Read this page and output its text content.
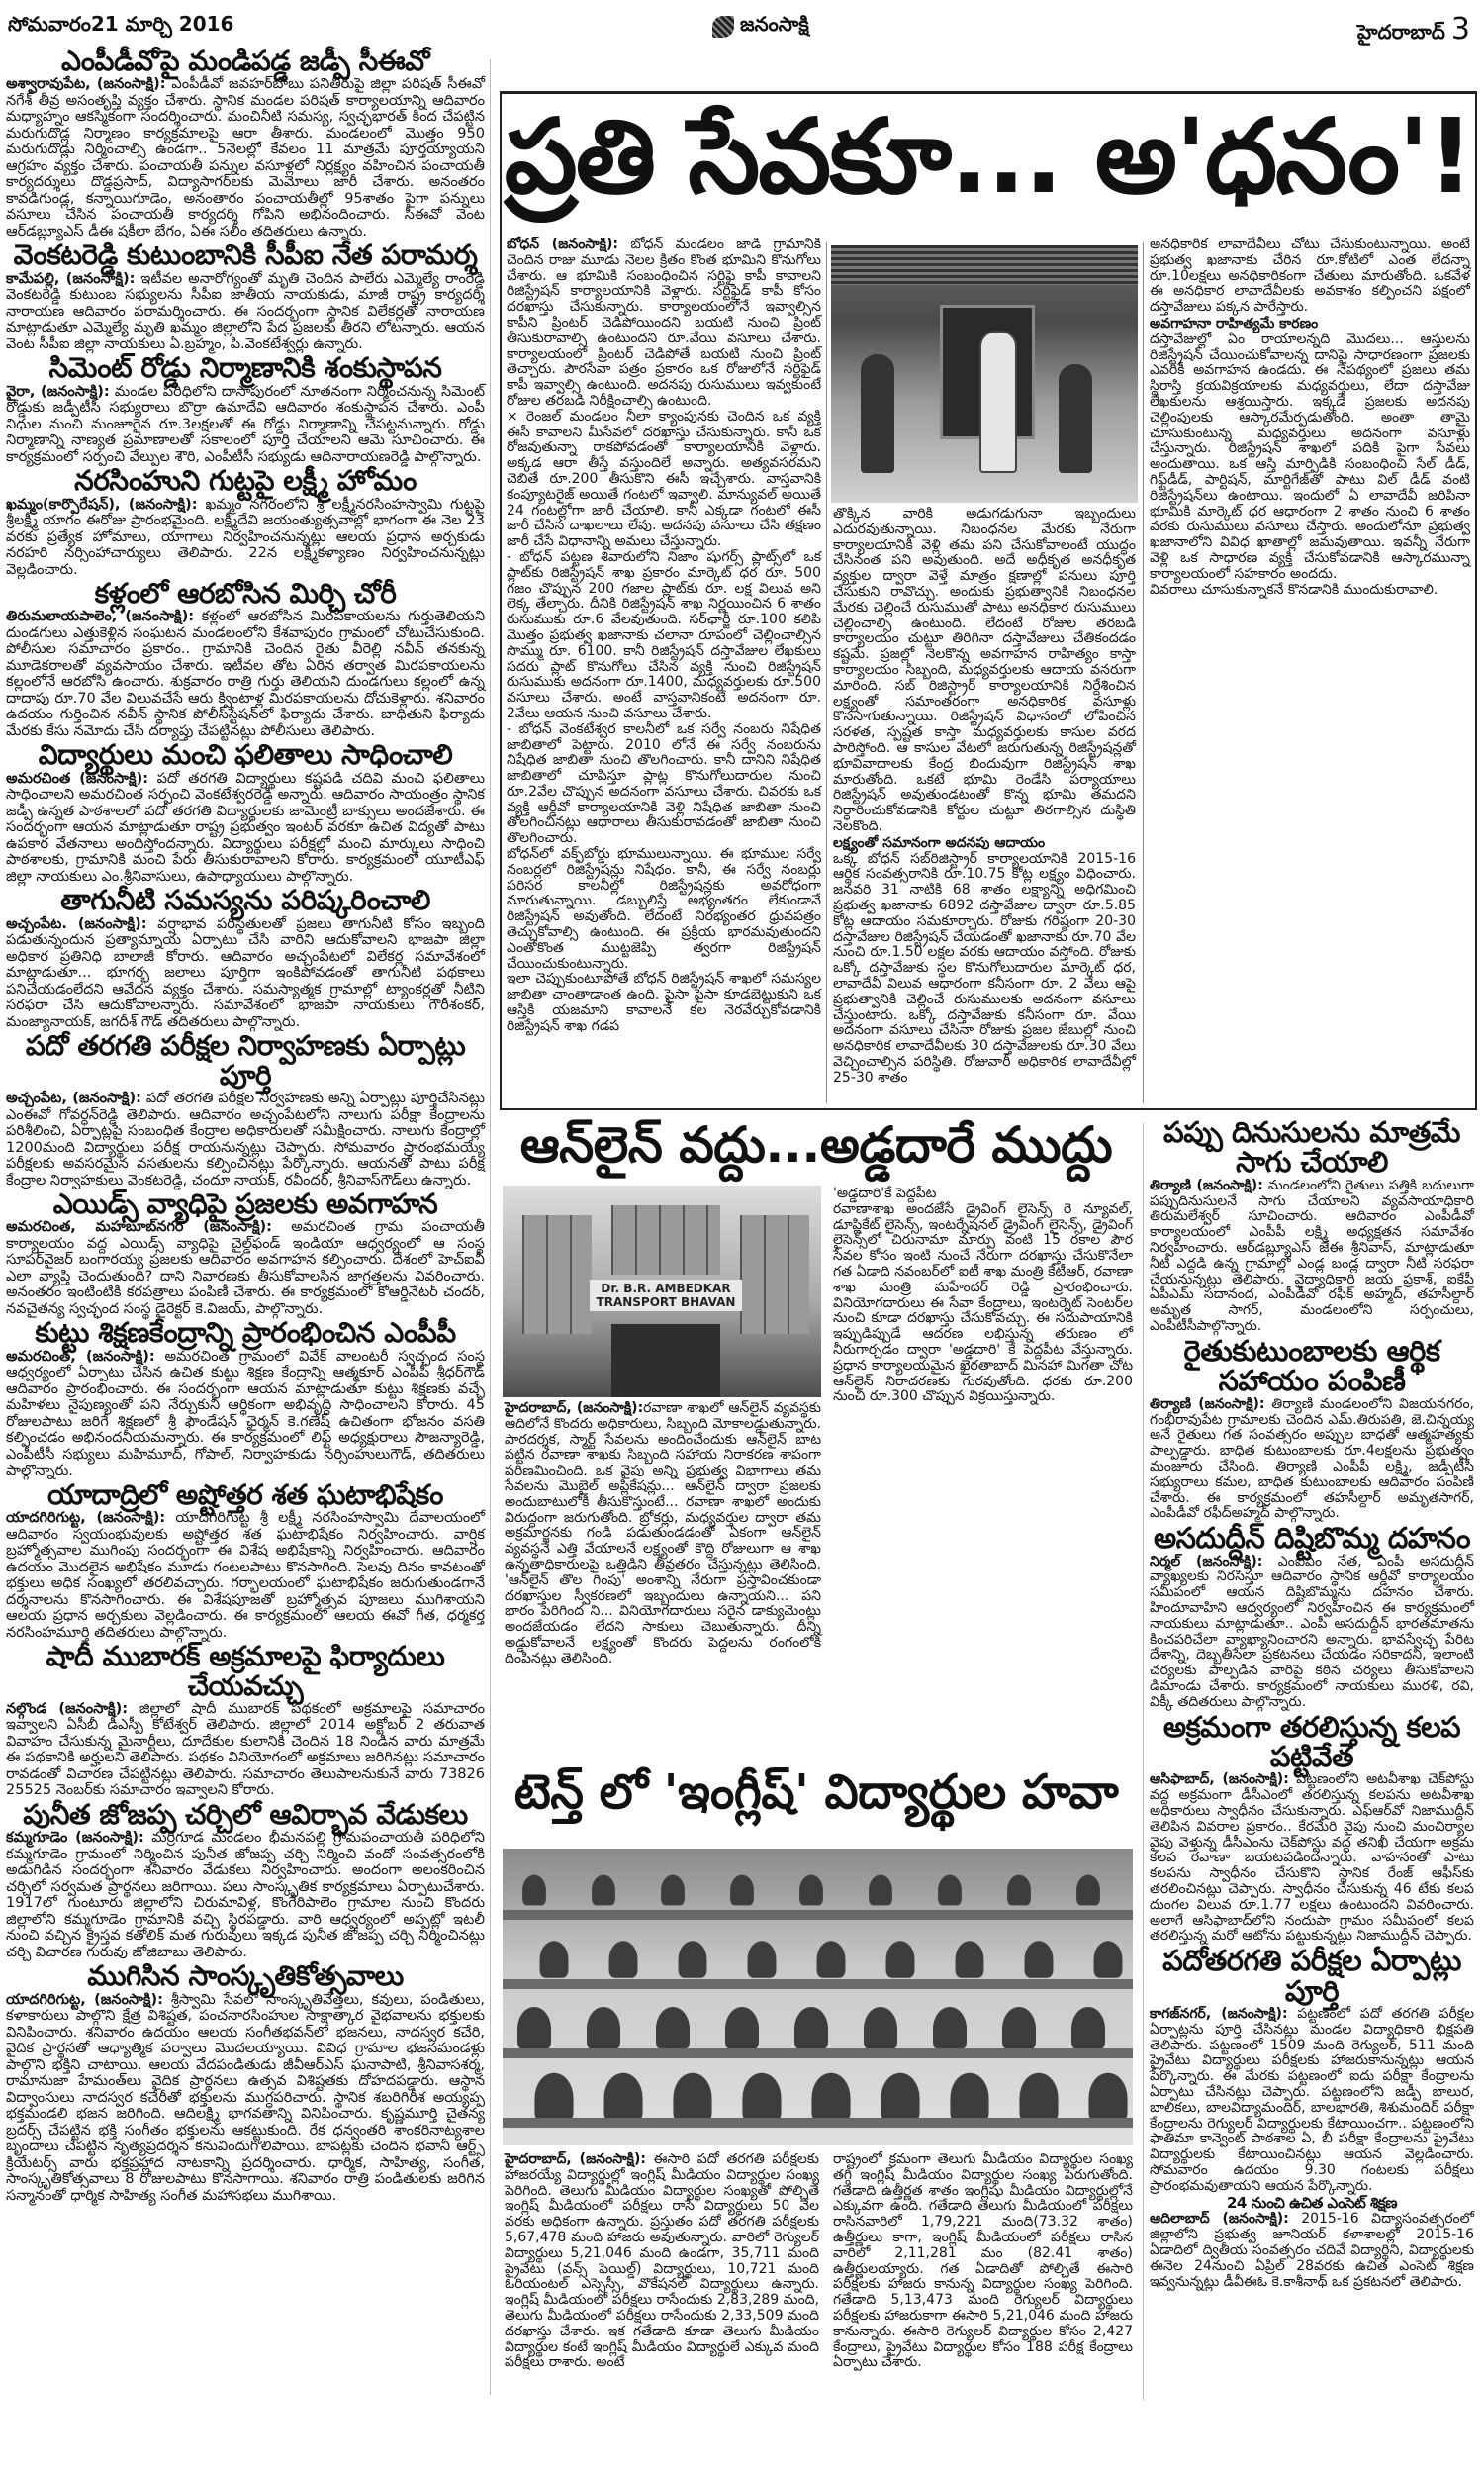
సోమవారం21 మార్చి 2016	జనంసాక్షి	హైదరాబాద్ 3
ఎంపీడీవోపై మండిపడ్డ జడ్పీ సీఈవో

అశ్వారావుపేట, (జనంసాక్షి): ఎంపీడీవో జవహర్‌బాబు పనితీరుపై జిల్లా పరిషత్ సీఈవో నగేశ్ తీవ్ర అసంతృప్తి వ్యక్తం చేశారు. స్థానిక మండల పరిషత్ కార్యాలయాన్ని ఆదివారం మధ్యాహ్నం ఆకస్మికంగా సందర్శించారు. మంచినీటి సమస్య, స్వచ్ఛభారత్ కింద చేపట్టిన మరుగుదొడ్ల నిర్మాణం కార్యక్రమాలపై ఆరా తీశారు. మండలంలో మొత్తం 950 మరుగుదొడ్లు నిర్మించాల్సి ఉండగా.. 5నెలల్లో కేవలం 11 మాత్రమే పూర్తయ్యాయని ఆగ్రహం వ్యక్తం చేశారు. పంచాయతీ పన్నుల వసూళ్లలో నిర్లక్ష్యం వహించిన పంచాయతీ కార్యదర్శులు దొడ్డప్రసాద్, విద్యాసాగర్‌లకు మెమోలు జారీ చేశారు. అనంతరం కావడిగుండ్ల, కన్నాయిగూడెం, అనంతారం పంచాయతీల్లో 95శాతం పైగా పన్నులు వసూలు చేసిన పంచాయతీ కార్యదర్శి గోపిని అభినందించారు. సీఈవో వెంట ఆర్‌డబ్ల్యూఎస్ డీఈ షకీలా బేగం, ఏఈ సలీం తదితరులు ఉన్నారు.

వెంకటరెడ్డి కుటుంబానికి సీపీఐ నేత పరామర్శ

కామేపల్లి, (జనంసాక్షి): ఇటీవల అనారోగ్యంతో మృతి చెందిన పాలేరు ఎమ్మెల్యే రాంరెడ్డి వెంకటరెడ్డి కుటుంబ సభ్యులను సీపీఐ జాతీయ నాయకుడు, మాజీ రాష్ట్ర కార్యదర్శి నారాయణ ఆదివారం పరామర్శించారు. ఈ సందర్భంగా స్థానిక విలేకర్లతో నారాయణ మాట్లాడుతూ ఎమ్మెల్యే మృతి ఖమ్మం జిల్లాలోని పేద ప్రజలకు తీరని లోటన్నారు. ఆయన వెంట సీపీఐ జిల్లా నాయకులు ఏ.బ్రహ్మం, పి.వెంకటేశ్వర్లు ఉన్నారు.

సిమెంట్ రోడ్డు నిర్మాణానికి శంకుస్థాపన

వైరా, (జనంసాక్షి): మండల పరిధిలోని దాసాపురంలో నూతనంగా నిర్మించనున్న సిమెంట్ రోడ్డుకు జడ్పీటీసీ సభ్యురాలు బొర్రా ఉమాదేవి ఆదివారం శంకుస్థాపన చేశారు. ఎంపీ నిధుల నుంచి మంజూరైన రూ.3లక్షలతో ఈ రోడ్డు నిర్మాణాన్ని చేపట్టనున్నారు. రోడ్డు నిర్మాణాన్ని నాణ్యత ప్రమాణాలతో సకాలంలో పూర్తి చేయాలని ఆమె సూచించారు. ఈ కార్యక్రమంలో సర్పంచి వేల్పుల శౌరి, ఎంపీటీసీ సభ్యుడు ఆదినారాయణరెడ్డి పాల్గొన్నారు.

నరసింహుని గుట్టపై లక్ష్మీ హోమం

ఖమ్మం(కార్పొరేషన్), (జనంసాక్షి): ఖమ్మం నగరంలోని శ్రీ లక్ష్మీనరసింహస్వామి గుట్టపై శ్రీలక్ష్మీ యాగం ఈరోజు ప్రారంభమైంది. లక్ష్మీదేవి జయంత్యుత్సవాల్లో భాగంగా ఈ నెల 23 వరకు ప్రత్యేక హోమాలు, యాగాలు నిర్వహించనున్నట్లు ఆలయ ప్రధాన అర్చకుడు నరహరి నర్సింహాచార్యులు తెలిపారు. 22న లక్ష్మీకళ్యాణం నిర్వహించనున్నట్లు వెల్లడించారు.

కళ్లంలో ఆరబోసిన మిర్చి చోరీ

తిరుమలాయపాలెం, (జనంసాక్షి): కళ్లంలో ఆరబోసిన మిరపకాయలను గుర్తుతెలియని దుండగులు ఎత్తుకెళ్లిన సంఘటన మండలంలోని కేశవాపురం గ్రామంలో చోటుచేసుకుంది. పోలీసుల సమాచారం ప్రకారం.. గ్రామానికి చెందిన రైతు వీరెల్లి నవీన్ తనకున్న మూడెకరాలతో వ్యవసాయం చేశారు. ఇటీవల తోట ఏరిన తర్వాత మిరపకాయలను కల్లంలోనే ఆరబోసి ఉంచారు. శుక్రవారం రాత్రి గుర్తు తెలియని దుండగులు కల్లంలో ఉన్న దాదాపు రూ.70 వేల విలువచేసే ఆరు క్వింటాళ్ల మిరపకాయలను దోచుకెళ్లారు. శనివారం ఉదయం గుర్తించిన నవీన్ స్థానిక పోలీస్‌స్టేషన్‌లో ఫిర్యాదు చేశారు. బాధితుని ఫిర్యాదు మేరకు కేసు నమోదు చేసి దర్యాప్తు చేపట్టినట్లు పోలీసులు తెలిపారు.

విద్యార్థులు మంచి ఫలితాలు సాధించాలి

అమరచింత (జనంసాక్షి): పదో తరగతి విద్యార్థులు కష్టపడి చదివి మంచి ఫలితాలు సాధించాలని అమరచింత సర్పంచి వెంకటేశ్వరరెడ్డి అన్నారు. ఆదివారం సాయంత్రం స్థానిక జడ్పీ ఉన్నత పాఠశాలలో పదో తరగతి విద్యార్థులకు జామెంట్రీ బాక్సులు అందజేశారు. ఈ సందర్భంగా ఆయన మాట్లాడుతూ రాష్ట్ర ప్రభుత్వం ఇంటర్ వరకూ ఉచిత విద్యతో పాటు ఉపకార వేతనాలు అందిస్తోందన్నారు. విద్యార్థులు పరీక్షల్లో మంచి మార్కులు సాధించి పాఠశాలకు, గ్రామానికి మంచి పేరు తీసుకురావాలని కోరారు. కార్యక్రమంలో యూటీఎఫ్ జిల్లా నాయకులు ఎం.శ్రీనివాసులు, ఉపాధ్యాయులు పాల్గొన్నారు.

తాగునీటి సమస్యను పరిష్కరించాలి

అచ్చంపేట. (జనంసాక్షి): వర్షాభావ పరిస్థితులతో ప్రజలు తాగునీటి కోసం ఇబ్బంది పడుతున్నందున ప్రత్యామ్నాయ ఏర్పాటు చేసి వారిని ఆదుకోవాలని భాజపా జిల్లా అధికార ప్రతినిధి బాలాజీ కోరారు. ఆదివారం అచ్చంపేటలో విలేకర్ల సమావేశంలో మాట్లాడుతూ... భూగర్భ జలాలు పూర్తిగా ఇంకిపోవడంతో తాగునీటి పథకాలు పనిచేయడంలేదని ఆవేదన వ్యక్తం చేశారు. సమస్యాత్మక గ్రామాల్లో ట్యాంకర్లతో నీటిని సరఫరా చేసి ఆదుకోవాలన్నారు. సమావేశంలో భాజపా నాయకులు గౌరీశంకర్, మంజ్యానాయక్, జగదీశ్ గౌడ్ తదితరులు పాల్గొన్నారు.

పదో తరగతి పరీక్షల నిర్వాహణకు ఏర్పాట్లు పూర్తి

అచ్చంపేట, (జనంసాక్షి): పదో తరగతి పరీక్షల నిర్వహణకు అన్ని ఏర్పాట్లు పూర్తిచేసినట్లు ఎంఈవో గోవర్ధన్‌రెడ్డి తెలిపారు. ఆదివారం అచ్చంపేటలోని నాలుగు పరీక్షా కేంద్రాలను పరిశీలించి, ఏర్పాట్లపై సంబంధిత కేంద్రాల అధికారులతో సమీక్షించారు. నాలుగు కేంద్రాల్లో 1200మంది విద్యార్థులు పరీక్ష రాయనున్నట్లు చెప్పారు. సోమవారం ప్రారంభమయ్యే పరీక్షలకు అవసరమైన వసతులను కల్పించినట్లు పేర్కొన్నారు. ఆయనతో పాటు పరీక్ష కేంద్రాల నిర్వాహకులు వెంకటరెడ్డి, చందూ నాయక్, రవీందర్, శ్రీనివాస్‌గౌడ్‌లు ఉన్నారు.

ఎయిడ్స్ వ్యాధిపై ప్రజలకు అవగాహన

అమరచింత, మహబూబ్‌నగర్ (జనంసాక్షి): అమరచింత గ్రామ పంచాయతీ కార్యాలయం వద్ద ఎయిడ్స్ వ్యాధిపై చైల్డ్‌ఫండ్ ఇండియా ఆధ్వర్యంలో ఆ సంస్థ సూపర్‌వైజర్ బంగారయ్య ప్రజలకు ఆదివారం అవగాహన కల్పించారు. దేశంలో హెచ్ఐవీ ఎలా వ్యాప్తి చెందుతుంది? దాని నివారణకు తీసుకోవాలసిన జాగ్రత్తలను వివరించారు. అనంతరం ఇంటింటికి కరపత్రాలు పంపిణీ చేశారు. ఈ కార్యక్రమంలో కోఆర్డినేటర్ చందర్, నవచైతన్య స్వచ్ఛంద సంస్థ డైరెక్టర్ కె.విజయ్, పాల్గొన్నారు.

కుట్టు శిక్షణకేంద్రాన్ని ప్రారంభించిన ఎంపీపీ

అమరచింత, (జనంసాక్షి): అమరచింత గ్రామంలో వివేక్ వాలంటరీ స్వచ్ఛంద సంస్థ ఆధ్వర్యంలో ఏర్పాటు చేసిన ఉచిత కుట్టు శిక్షణ కేంద్రాన్ని ఆత్మకూర్ ఎంపీపీ శ్రీధర్‌గౌడ్ ఆదివారం ప్రారంభించారు. ఈ సందర్భంగా ఆయన మాట్లాడుతూ కుట్టు శిక్షణకు వచ్చే మహిళలు నైపుణ్యంతో పని నేర్చుకుని ఆర్థికంగా అభివృద్ధి సాధించాలని కోరారు. 45 రోజులపాటు జరిగే శిక్షణలో శ్రీ ఫౌండేషన్ ఛైర్మన్ కె.గణేష్ ఉచితంగా భోజనం వసతి కల్పించడం అభినందనీయమన్నారు. ఈ కార్యక్రమంలో లిఫ్ట్ అధ్యక్షురాలు సౌజన్యారెడ్డి, ఎంపీటీసీ సభ్యులు మహిమూద్, గోపాల్, నిర్వాహకుడు నర్సింహులుగౌడ్, తదితరులు పాల్గొన్నారు.

యాదాద్రిలో అష్టోత్తర శత ఘటాభిషేకం

యాదగిరిగుట్ట, (జనంసాక్షి): యాదగిరిగుట్ట శ్రీ లక్ష్మీ నరసింహస్వామి దేవాలయంలో ఆదివారం స్వయంభువులకు అష్టోత్తర శత ఘటాభిషేకం నిర్వహించారు. వార్షిక బ్రహ్మోత్సవాల ముగింపు సందర్భంగా ఈ విశేష అభిషేకాన్ని నిర్వహించారు. ఆదివారం ఉదయం మొదలైన అభిషేకం మూడు గంటలపాటు కొనసాగింది. సెలవు దినం కావటంతో భక్తులు అధిక సంఖ్యలో తరలివచ్చారు. గర్భాలయంలో ఘటాభిషేకం జరుగుతుండగానే దర్శనాలను కొనసాగించారు. ఈ విశేషపూజతో బ్రహ్మోత్సవ పూజలు ముగిశాయని ఆలయ ప్రధాన అర్చకులు వెల్లడించారు. ఈ కార్యక్రమంలో ఆలయ ఈవో గీత, ధర్మకర్త నరసింహమూర్తి తదితరులు పాల్గొన్నారు.

షాదీ ముబారక్ అక్రమాలపై ఫిర్యాదులు చేయవచ్చు

నల్గొండ (జనంసాక్షి): జిల్లాలో షాదీ ముబారక్ పథకంలో అక్రమాలపై సమాచారం ఇవ్వాలని ఏసీబీ డీఎస్పీ కోటేశ్వర్ తెలిపారు. జిల్లాలో 2014 అక్టోబర్ 2 తరువాత వివాహం చేసుకున్న మైనార్టీలు, దూదేకుల కులానికి చెందిన 18 నిండిన వారు మాత్రమే ఈ పథకానికి అర్హులని తెలిపారు. పథకం వినియోగంలో అక్రమాలు జరిగినట్లు సమాచారం రావడంతో విచారణ చేపట్టినట్లు తెలిపారు. సమాచారం తెలుపాలనుకునే వారు 73826 25525 నెంబర్‌కు సమాచారం ఇవ్వాలని కోరారు.

పునీత జోజప్ప చర్చిలో ఆవిర్భావ వేడుకలు

కమ్మగూడెం (జనంసాక్షి): మర్రిగూడ మండలం భీమనపల్లి గ్రామపంచాయతీ పరిధిలోని కమ్మగూడెం గ్రామంలో నిర్మించిన పునీత జోజప్ప చర్చి నిర్మించి వందో సంవత్సరంలోకి అడుగిడిన సందర్భంగా శనివారం వేడుకలు నిర్వహించారు. అందంగా అలంకరించిన చర్చిలో సర్వమత ప్రార్థనలు జరిగాయి. పలు సాంస్కృతిక కార్యక్రమాలు ఏర్పాటుచేశారు. 1917లో గుంటూరు జిల్లాలోని చిరుమావిళ్ల, కొంగేరిపాలెం గ్రామాల నుంచి కొందరు జిల్లాలోని కమ్మగూడెం గ్రామానికి వచ్చి స్థిరపడ్డారు. వారి ఆధ్వర్యంలో అప్పట్లో ఇటలీ నుంచి వచ్చిన క్రైస్తవ కతోలిక్ మత గురువులు ఇక్కడ పునీత జోజప్ప చర్చి నిర్మించినట్లు చర్చి విచారణ గురువు జోజిబాబు తెలిపారు.

ముగిసిన సాంస్కృతికోత్సవాలు

యాదగిరిగుట్ట, (జనంసాక్షి): శ్రీస్వామి సేవలో సాంస్కృతివేత్తలు, కవులు, పండితులు, కళాకారులు పాల్గొని క్షేత్ర విశిష్టత, పంచనారసింహుల సాక్షాత్కార వైభవాలను భక్తులకు వినిపించారు. శనివారం ఉదయం ఆలయ సంగీతభవన్‌లో భజనలు, నాదస్వర కచేరి, వైదిక ప్రార్థనతో ఆధ్యాత్మిక పర్వాలు మొదలయ్యాయి. వివిధ గ్రామాల భజనమండళ్లు పాల్గొని భక్తిని చాటాయి. ఆలయ వేదపండితుడు జీవీఆర్ఎస్ ఘనాపాటి, శ్రీనివాసశర్మ, రామానుజా హేమంత్‌లు వైదిక ప్రార్థనలు ఉత్సవ విశిష్టతకు దోహదపడ్డారు. ఆస్థాన విద్వాంసులు నాదస్వర కచేరీతో భక్తులను ముగ్ధపరిచారు. స్థానిక శబరిగిరీశ అయ్యప్ప భక్తమండలి భజన జరిగింది. ఆదిలక్ష్మి భాగవతాన్ని వినిపించారు. కృష్ణమూర్తి చైతన్య బ్రదర్స్ చేపట్టిన భక్తి సంగీతం భక్తులను ఆకట్టుకుంది. రేక ధన్వంతరి శాంకరినాట్యశాల బృందాలు చేపట్టిన నృత్యప్రదర్శన కనువిందుగొలిపాయి. బాపట్లకు చెందిన భవానీ ఆర్ట్స్ క్రియేటర్స్ వారు భక్తప్రహ్లాద నాటకాన్ని ప్రదర్శించారు. ధార్మిక, సాహిత్య, సంగీత, సాంస్కృతికోత్సవాలు 8 రోజులపాటు కొనసాగాయి. శనివారం రాత్రి పండితులకు జరిగిన సన్మానంతో ధార్మిక సాహిత్య సంగీత మహాసభలు ముగిశాయి.

ప్రతి సేవకూ... అ'ధనం'!

బోధన్ (జనంసాక్షి): బోధన్ మండలం జాడి గ్రామానికి చెందిన రాజు మూడు నెలల క్రితం కొంత భూమిని కొనుగోలు చేశారు. ఆ భూమికి సంబంధించిన సర్టిఫై కాపీ కావాలని రిజిస్ట్రేషన్ కార్యాలయానికి వెళ్లారు. సర్టిఫైడ్ కాపీ కోసం దరఖాస్తు చేసుకున్నారు. కార్యాలయంలోనే ఇవ్వాల్సిన కాపీని ప్రింటర్ చెడిపోయిందని బయటి నుంచి ప్రింట్ తీసుకురావాల్సి ఉంటుందని రూ.వేయి వసూలు చేశారు. కార్యాలయంలో ప్రింటర్ చెడిపోతే బయటి నుంచి ప్రింట్ తెచ్చారు. పౌరసేవా పత్రం ప్రకారం ఒక రోజులోనే సర్టిఫైడ్ కాపీ ఇవ్వాల్సి ఉంటుంది. అదనపు రుసుములు ఇవ్వకుంటే రోజుల తరబడి నిరీక్షించాల్సి ఉంటుంది.

× రెంజల్ మండలం నీలా క్యాంపునకు చెందిన ఒక వ్యక్తి ఈసీ కావాలని మీసేవలో దరఖాస్తు చేసుకున్నారు. కానీ ఒక రోజవుతున్నా రాకపోవడంతో కార్యాలయానికి వెళ్లారు. అక్కడ ఆరా తీస్తే వస్తుందిలే అన్నారు. అత్యవసరమని చెబితే రూ.200 తీసుకొని ఈసీ ఇచ్చేశారు. వాస్తవానికి కంప్యూటరైజ్ అయితే గంటలో ఇవ్వాలి. మాన్యువల్ అయితే 24 గంటల్లోగా జారీ చేయాలి. కానీ ఎక్కడా గంటలో ఈసీ జారీ చేసిన దాఖలాలు లేవు. అదనపు వసూలు చేసి తక్షణం జారీ చేసే విధానాన్ని అమలు చేస్తున్నారు.

- బోధన్ పట్టణ శివారులోని నిజాం షుగర్స్ ప్లాట్స్‌లో ఒక ప్లాట్‌కు రిజిస్ట్రేషన్ శాఖ ప్రకారం మార్కెట్ ధర రూ. 500 గజం చొప్పున 200 గజాల ప్లాట్‌కు రూ. లక్ష విలువ అని లెక్క తేల్చారు. దీనికి రిజిస్ట్రేషన్ శాఖ నిర్ణయించిన 6 శాతం రుసుముకు రూ.6 వేలవుతుంది. సర్‌ఛార్జీ రూ.100 కలిపి మొత్తం ప్రభుత్వ ఖజానాకు చలానా రూపంలో చెల్లించాల్సిన సొమ్ము రూ. 6100. కానీ రిజిస్ట్రేషన్ దస్తావేజుల లేఖకులు సదరు ప్లాట్ కొనుగోలు చేసిన వ్యక్తి నుంచి రిజిస్ట్రేషన్ రుసుముకు అదనంగా రూ.1400, మధ్యవర్తులకు రూ.500 వసూలు చేశారు. అంటే వాస్తవానికంటే అదనంగా రూ. 2వేలు ఆయన నుంచి వసూలు చేశారు.

- బోధన్ వెంకటేశ్వర కాలనీలో ఒక సర్వే నంబరు నిషేధిత జాబితాలో పెట్టారు. 2010 లోనే ఈ సర్వే నంబరును నిషేధిత జాబితా నుంచి తొలగించారు. కానీ దానిని నిషేధిత జాబితాలో చూపిస్తూ ప్లాట్ల కొనుగోలుదారుల నుంచి రూ.2వేల చొప్పున అదనంగా వసూలు చేశారు. చివరకు ఒక వ్యక్తి ఆర్డీవో కార్యాలయానికి వెళ్లి నిషేధిత జాబితా నుంచి తొలగించినట్లు ఆధారాలు తీసుకురావడంతో జాబితా నుంచి తొలగించారు.

బోధన్‌లో వక్ఫ్‌బోర్డు భూములున్నాయి. ఈ భూముల సర్వే నంబర్లలో రిజిస్ట్రేషన్లు నిషేధం. కానీ, ఈ సర్వే నంబర్లు పరిసర కాలనీల్లో రిజిస్ట్రేషన్లకు అవరోధంగా మారుతున్నాయి. డబ్బులిస్తే అభ్యంతరం లేకుండానే రిజిస్ట్రేషన్ అవుతోంది. లేదంటే నిరభ్యంతర ధ్రువపత్రం తెచ్చుకోవాల్సి ఉంటుంది. ఈ ప్రక్రియ భారమవుతుందని ఎంతోకొంత ముట్టజెప్పి త్వరగా రిజిస్ట్రేషన్ చేయించుకుంటున్నారు.

ఇలా చెప్పుకుంటూపోతే బోధన్ రిజిస్ట్రేషన్ శాఖలో సమస్యల జాబితా చాంతాడాంత ఉంది. పైసా పైసా కూడబెట్టుకుని ఒక ఆస్తికి యజమాని కావాలనే కల నెరవేర్చుకోవడానికి రిజిస్ట్రేషన్ శాఖ గడప

తొక్కిన వారికి అడుగడుగునా ఇబ్బందులు ఎదురవుతున్నాయి. నిబంధనల మేరకు నేరుగా కార్యాలయానికి వెళ్లి తమ పని చేసుకోవాలంటే యుద్ధం చేసినంత పని అవుతుంది. అదే అధీకృత అనధీకృత వ్యక్తుల ద్వారా వెళ్తే మాత్రం క్షణాల్లో పనులు పూర్తి చేసుకుని రావొచ్చు. అందుకు ప్రభుత్వానికి నిబంధనల మేరకు చెల్లించే రుసుముతో పాటు అనధికార రుసుములు చెల్లించాల్సి ఉంటుంది. లేదంటే రోజుల తరబడి కార్యాలయం చుట్టూ తిరిగినా దస్తావేజులు చేతికందడం కష్టమే. ప్రజల్లో నెలకొన్న అవగాహన రాహిత్యం కాస్తా కార్యాలయం సిబ్బంది, మధ్యవర్తులకు ఆదాయ వనరుగా మారింది. సబ్ రిజిస్ట్రార్ కార్యాలయానికి నిర్దేశించిన లక్ష్యంతో సమాంతరంగా అనధికారిక వసూళ్లు కొనసాగుతున్నాయి. రిజిస్ట్రేషన్ విధానంలో లోపించిన సరళత, స్పష్టత కాస్తా మధ్యవర్తులకు కాసుల వరద పారిస్తోంది. ఆ కాసుల వేటలో జరుగుతున్న రిజిస్ట్రేషన్లతో భూవివాదాలకు కేంద్ర బిందువుగా రిజిస్ట్రేషన్ శాఖ మారుతోంది. ఒకటే భూమి రెండేసి పర్యాయాలు రిజిస్ట్రేషన్ అవుతుండటంతో కొన్న భూమి తమదని నిర్ధారించుకోవడానికి కోర్టుల చుట్టూ తిరగాల్సిన దుస్థితి నెలకొంది.

లక్ష్యంతో సమానంగా అదనపు ఆదాయం
ఒక్క బోధన్ సబ్‌రిజిస్ట్రార్ కార్యాలయానికి 2015-16 ఆర్థిక సంవత్సరానికి రూ.10.75 కోట్ల లక్ష్యం విధించారు. జనవరి 31 నాటికి 68 శాతం లక్ష్యాన్ని అధిగమించి ప్రభుత్వ ఖజానాకు 6892 దస్తావేజుల ద్వారా రూ.5.85 కోట్ల ఆదాయం సమకూర్చారు. రోజుకు గరిష్ఠంగా 20-30 దస్తావేజుల రిజిస్ట్రేషన్ చేయడంతో ఖజానాకు రూ.70 వేల నుంచి రూ.1.50 లక్షల వరకు ఆదాయం వస్తోంది. రోజుకు ఒక్కో దస్తావేజుకు స్థల కొనుగోలుదారుల మార్కెట్ ధర, లావాదేవీ విలువ ఆధారంగా కనీసంగా రూ. 2 వేలు ఆపై ప్రభుత్వానికి చెల్లించే రుసుములకు అదనంగా వసూలు చేస్తుంటారు. ఒక్కో దస్తావేజుకు కనీసంగా రూ. వేయి అదనంగా వసూలు చేసినా రోజుకు ప్రజల జేబుల్లో నుంచి అనధికారిక లావాదేవీలకు 30 దస్తావేజులకు రూ.30 వేలు వెచ్చించాల్సిన పరిస్థితి. రోజువారీ అధికారిక లావాదేవీల్లో 25-30 శాతం

అనధికారిక లావాదేవీలు చోటు చేసుకుంటున్నాయి. అంటే ప్రభుత్వ ఖజానాకు చేరిన రూ.కోటిలో ఎంత లేదన్నా రూ.10లక్షలు అనధికారికంగా చేతులు మారుతోంది. ఒకవేళ ఈ అనధికార లావాదేవీలకు అవకాశం కల్పించని పక్షంలో దస్తావేజులు పక్కన పారేస్తారు.

అవగాహనా రాహిత్యమే కారణం
దస్తావేజుల్లో ఏం రాయాలన్నది మొదలు... ఆస్తులను రిజిస్ట్రేషన్ చేయించుకోవాలన్న దానిపై సాధారణంగా ప్రజలకు ఎవరికీ అవగాహన ఉండదు. ఈ నేపథ్యంలో ప్రజలు తమ స్థిరాస్తి క్రయవిక్రయాలకు మధ్యవర్తులు, లేదా దస్తావేజు లేఖకులను ఆశ్రయిస్తారు. ఇక్కడే ప్రజలకు అదనపు చెల్లింపులకు ఆస్కారమేర్పడుతోంది. అంతా తామై చూసుకుంటున్న మధ్యవర్తులు అదనంగా వసూళ్లు చేస్తున్నారు. రిజిస్ట్రేషన్ శాఖలో పదికి పైగా సేవలు అందుతాయి. ఒక ఆస్తి మార్పిడికి సంబంధించి సేల్ డీడ్, గిఫ్ట్‌డీడ్, పార్టిషన్, మార్టిగేజ్‌తో పాటు విల్ డీడ్ వంటి రిజిస్ట్రేషన్‌లు ఉంటాయి. ఇందులో ఏ లావాదేవీ జరిపినా భూమికి మార్కెట్ ధర ఆధారంగా 2 శాతం నుంచి 6 శాతం వరకు రుసుములు వసూలు చేస్తారు. అందులోనూ ప్రభుత్వ ఖజానాలోని వివిధ ఖాతాల్లో జమవుతాయి. ఇవన్నీ నేరుగా వెళ్లి ఒక సాధారణ వ్యక్తి చేసుకోవడానికి ఆస్కారమున్నా కార్యాలయంలో సహకారం అందదు.

వివరాలు చూసుకున్నాకనే కొనడానికి ముందుకురావాలి.

ఆన్‌లైన్ వద్దు...అడ్డదారే ముద్దు
Dr. B.R. AMBEDKAR TRANSPORT BHAVAN

హైదరాబాద్, (జనంసాక్షి):రవాణా శాఖలో ఆన్‌లైన్ వ్యవస్థకు ఆదిలోనే కొందరు అధికారులు, సిబ్బంది మోకాలడ్డుతున్నారు. పారదర్శక, స్మార్ట్ సేవలను అందించేందుకు ఆన్‌లైన్ బాట పట్టిన రవాణా శాఖకు సిబ్బంది సహాయ నిరాకరణ శాపంగా పరిణమించింది. ఒక వైపు అన్ని ప్రభుత్వ విభాగాలు తమ సేవలను మొబైల్ అప్లికేషన్లు... ఆన్‌లైన్ ద్వారా ప్రజలకు అందుబాటులోకి తీసుకొస్తుంటే... రవాణా శాఖలో అందుకు విరుద్ధంగా జరుగుతోంది. బ్రోకర్లు, మధ్యవర్తుల ద్వారా తమ అక్రమార్జనకు గండి పడుతుండడంతో ఏకంగా ఆన్‌లైన్ వ్యవస్థనే ఎత్తి వేయాలనే లక్ష్యంతో కొద్ది రోజులుగా ఆ శాఖ ఉన్నతాధికారులపై ఒత్తిడిని తీవ్రతరం చేస్తున్నట్లు తెలిసింది. 'ఆన్‌లైన్ తొల గింపు' అంశాన్ని నేరుగా ప్రస్తావించకుండా దరఖాస్తుల స్వీకరణలో ఇబ్బందులు ఉన్నాయని... పని భారం పెరిగింద ని... వినియోగదారులు సరైన డాక్యుమెంట్లు అందజేయడం లేదని సాకులు చెబుతున్నారు. దీన్ని అడ్డుకోవాలనే లక్ష్యంతో కొందరు పెద్దలను రంగంలోకి దింపినట్లు తెలిసింది.

'అడ్డదారి'కే పెద్దపీట
రవాణాశాఖ అందజేసే డ్రైవింగ్ లైసెన్స్ రె న్యూవల్, డూప్లికేట్ లైసెన్స్, ఇంటర్నేషనల్ డ్రైవింగ్ లైసెన్స్, డ్రైవింగ్ లైసెన్స్‌లో చిరునామా మార్పు వంటి 15 రకాల పౌర సేవల కోసం ఇంటి నుంచే నేరుగా దరఖాస్తు చేసుకొనేలా గత ఏడాది నవంబర్‌లో ఐటీ శాఖ మంత్రి కేటీఆర్, రవాణా శాఖ మంత్రి మహేందర్ రెడ్డి ప్రారంభించారు. వినియోగదారులు ఈ సేవా కేంద్రాలు, ఇంటర్నెట్ సెంటర్‌ల నుంచి కూడా దరఖాస్తు చేసుకోవచ్చు. ఈ సదుపాయానికి ఇప్పుడిప్పుడే ఆదరణ లభిస్తున్న తరుణం లో నీరుగార్చడం ద్వారా 'అడ్డదారి' కే పెద్దపీట వేస్తున్నారు. ప్రధాన కార్యాలయమైన ఖైరతాబాద్ మినహా మిగతా చోట ఆన్‌లైన్ నిరాదరణకు గురవుతోంది. ధరకు రూ.200 నుంచి రూ.300 చొప్పున విక్రయిస్తున్నారు.

టెన్త్ లో 'ఇంగ్లీష్' విద్యార్థుల హవా

హైదరాబాద్, (జనంసాక్షి): ఈసారి పదో తరగతి పరీక్షలకు హాజరయ్యే విద్యార్థుల్లో ఇంగ్లిష్ మీడియం విద్యార్థుల సంఖ్య పెరిగింది. తెలుగు మీడియం విద్యార్థుల సంఖ్యతో పోల్చితే ఇంగ్లిష్ మీడియంలో పరీక్షలు రాసే విద్యార్థులు 50 వేల వరకు అధికంగా ఉన్నారు. ప్రస్తుతం పదో తరగతి పరీక్షలకు 5,67,478 మంది హాజరు అవుతున్నారు. వారిలో రెగ్యులర్ విద్యార్థులు 5,21,046 మంది ఉండగా, 35,711 మంది ప్రైవేటు (వన్స్ ఫెయిల్డ్) విద్యార్థులు, 10,721 మంది ఓరియంటల్ ఎస్సెస్సీ, వొకేషనల్ విద్యార్థులు ఉన్నారు. ఇంగ్లిష్ మీడియంలో పరీక్షలు రాసేందుకు 2,83,289 మంది, తెలుగు మీడియంలో పరీక్షలు రాసేందుకు 2,33,509 మంది దరఖాస్తు చేశారు. ఇక గతేడాది కూడా తెలుగు మీడియం విద్యార్థుల కంటే ఇంగ్లిష్ మీడియం విద్యార్థులే ఎక్కువ మంది పరీక్షలు రాశారు. అంటే

రాష్ట్రంలో క్రమంగా తెలుగు మీడియం విద్యార్థుల సంఖ్య తగ్గి ఇంగ్లిష్ మీడియం విద్యార్థుల సంఖ్య పెరుగుతోంది. గతేడాది ఉత్తీర్ణత శాతం ఇంగ్లిషు మీడియం విద్యార్థుల్లోనే ఎక్కువగా ఉంది. గతేడాది తెలుగు మీడియంలో పరీక్షలు రాసినవారిలో 1,79,221 మంది(73.32 శాతం) ఉత్తీర్ణులు కాగా, ఇంగ్లిష్ మీడియంలో పరీక్షలు రాసిన వారిలో 2,11,281 మం (82.41 శాతం) ఉత్తీర్ణులయ్యారు. గత ఏడాదితో పోల్చితే ఈసారి పరీక్షలకు హాజరు కానున్న విద్యార్థుల సంఖ్య పెరిగింది. గతేడాది 5,13,473 మంది రెగ్యులర్ విద్యార్థులు పరీక్షలకు హాజరుకాగా ఈసారి 5,21,046 మంది హాజరు కానున్నారు. ఈసారి రెగ్యులర్ విద్యార్థుల కోసం 2,427 కేంద్రాలు, ప్రైవేటు విద్యార్థుల కోసం 188 పరీక్ష కేంద్రాలు ఏర్పాటు చేశారు.

పప్పు దినుసులను మాత్రమే సాగు చేయాలి

తిర్యాణి (జనంసాక్షి): మండలంలోని రైతులు పత్తికి బదులుగా పప్పుదినుసులనే సాగు చేయాలని వ్యవసాయాధికారి తిరుమలేశ్వర్ సూచించారు. ఆదివారం ఎంపీడీవో కార్యాలయంలో ఎంపీపీ లక్ష్మి అధ్యక్షతన సమావేశం నిర్వహించారు. ఆర్‌డబ్ల్యూఎస్ జేఈ శ్రీనివాస్, మాట్లాడుతూ నీటి ఎద్దడి ఉన్న గ్రామాల్లో ఎండ్ల బండ్ల ద్వారా నీటి సరఫరా చేయనున్నట్లు తెలిపారు. వైద్యాధికారి జయ ప్రకాశ్, ఐకేపీ ఏపీఎమ్ సదానంద, ఎంపీడీవో రఫీక్ అహ్మద్, తహసీల్దార్ అమృత సాగర్, మండలంలోని సర్పంచులు, ఎంపీటీసీపాల్గొన్నారు.

రైతుకుటుంబాలకు ఆర్థిక సహాయం పంపిణీ

తిర్యాణి (జనంసాక్షి): తిర్యాణి మండలంలోని విజయనగరం, గంభీరావుపేట గ్రామాలకు చెందిన ఎమ్.తిరుపతి, జె.చిన్నయ్య అనే రైతులు గత సంవత్సరం అప్పుల బాధతో ఆత్మహత్యకు పాల్పడ్డారు. బాధిత కుటుంబాలకు రూ.4లక్షలను ప్రభుత్వం మంజూరు చేసింది. తిర్యాణి ఎంపీపీ లక్ష్మి, జడ్పీటీసీ సభ్యురాలు కమల, బాధిత కుటుంబాలకు ఆదివారం పంపిణీ చేశారు. ఈ కార్యక్రమంలో తహసీల్దార్ అమృతసాగర్, ఎంపీడీవో రఫీద్‌అహ్మద్ పాల్గొన్నారు.

అసదుద్దీన్ దిష్టిబొమ్మ దహనం

నిర్మల్ (జనంసాక్షి): ఎంఐఎం నేత, ఎంపీ అసదుద్దీన్ వ్యాఖ్యలకు నిరసిస్తూ ఆదివారం స్థానిక ఆర్డీవో కార్యాలయం సమీపంలో ఆయన దిష్టిబొమ్మను దహనం చేశారు. హిందూవాహిని ఆధ్వర్యంలో నిర్వహించిన ఈ కార్యక్రమంలో నాయకులు మాట్లాడుతూ.. ఎంపీ అసదుద్దీన్ భారతమాతను కించపరిచేలా వ్యాఖ్యానించారని అన్నారు. భావస్వేచ్ఛ పేరిట దేశాన్ని, దెబ్బతీసేలా ప్రకటనలు చేయడం సరికాదని, ఇలాంటి చర్యలకు పాల్పడిన వారిపై కఠిన చర్యలు తీసుకోవాలని డిమాండు చేశారు. కార్యక్రమంలో నాయకులు మురళి, రవి, విక్కీ తదితరులు పాల్గొన్నారు.

అక్రమంగా తరలిస్తున్న కలప పట్టివేత

ఆసిఫాబాద్, (జనంసాక్షి): పట్టణంలోని అటవీశాఖ చెక్‌పోస్టు వద్ద అక్రమంగా డీసీఎంలో తరలిస్తున్న కలపను అటవీశాఖ అధికారులు స్వాధీనం చేసుకున్నారు. ఎఫ్ఆర్‌వో నిజాముద్దీన్ తెలిపిన వివరాల ప్రకారం.. కేరమేరి వైపు నుంచి మంచిర్యాల వైపు వెళ్తున్న డీసీఎంను చెక్‌పోస్టు వద్ద తనిఖీ చేయగా అక్రమ కలప రవాణా బయటపడిందన్నారు. వాహనంతో పాటు కలపను స్వాధీనం చేసుకొని స్థానిక రేంజ్ ఆఫీస్‌కు తరలించినట్లు చెప్పారు. స్వాధీనం చేసుకున్న 46 టేకు కలప దుంగల విలువ రూ.1.77 లక్షలు ఉంటుందని వివరించారు. అలాగే ఆసిఫాబాద్‌లోని నందుపా గ్రామం సమీపంలో కలప తరలిస్తున్న మరో ఆటోను పట్టుకున్నట్లు నిజాముద్దీన్ చెప్పారు.

పదోతరగతి పరీక్షల ఏర్పాట్లు పూర్తి

కాగజ్‌నగర్, (జనంసాక్షి): పట్టణంలో పదో తరగతి పరీక్షల ఏర్పాట్లను పూర్తి చేసినట్లు మండల విద్యాధికారి భిక్షపతి తెలిపారు. పట్టణంలో 1509 మంది రెగ్యులర్, 511 మంది ప్రైవేటు విద్యార్థులు పరీక్షలకు హాజరుకానున్నట్లు ఆయన పేర్కొన్నారు. ఈ మేరకు పట్టణంలో ఐదు పరీక్షా కేంద్రాలను ఏర్పాటు చేసినట్లు చెప్పారు. పట్టణంలోని జడ్పీ బాలుర, బాలికలు, బాలవిద్యామందిర్, బాలభారతి, శిశుమందిర్ పరీక్షా కేంద్రాలను రెగ్యులర్ విద్యార్థులకు కేటాయించగా.. పట్టణంలోని ఫాతిమా కాన్వెంట్ పాఠశాల ఏ, బీ పరీక్షా కేంద్రాలను ప్రైవేటు విద్యార్థులకు కేటాయించినట్లు ఆయన వెల్లడించారు. సోమవారం ఉదయం 9.30 గంటలకు పరీక్షలు ప్రారంభమవుతాయని ఆయన పేర్కొన్నారు.

24 నుంచి ఉచిత ఎంసెట్ శిక్షణ

ఆదిలాబాద్ (జనంసాక్షి): 2015-16 విద్యాసంవత్సరంలో జిల్లాలోని ప్రభుత్వ జూనియర్ కళాశాలల్లో 2015-16 ఏడాదిలో ద్వితీయ సంవత్సరం చదివే విద్యార్థిని, విద్యార్థులకు ఈనెల 24నుంచి ఏప్రిల్ 28వరకు ఉచిత ఎంసెట్ శిక్షణ ఇవ్వనున్నట్లు డీవీఈఓ కె.కాశీనాథ్ ఒక ప్రకటనలో తెలిపారు.
